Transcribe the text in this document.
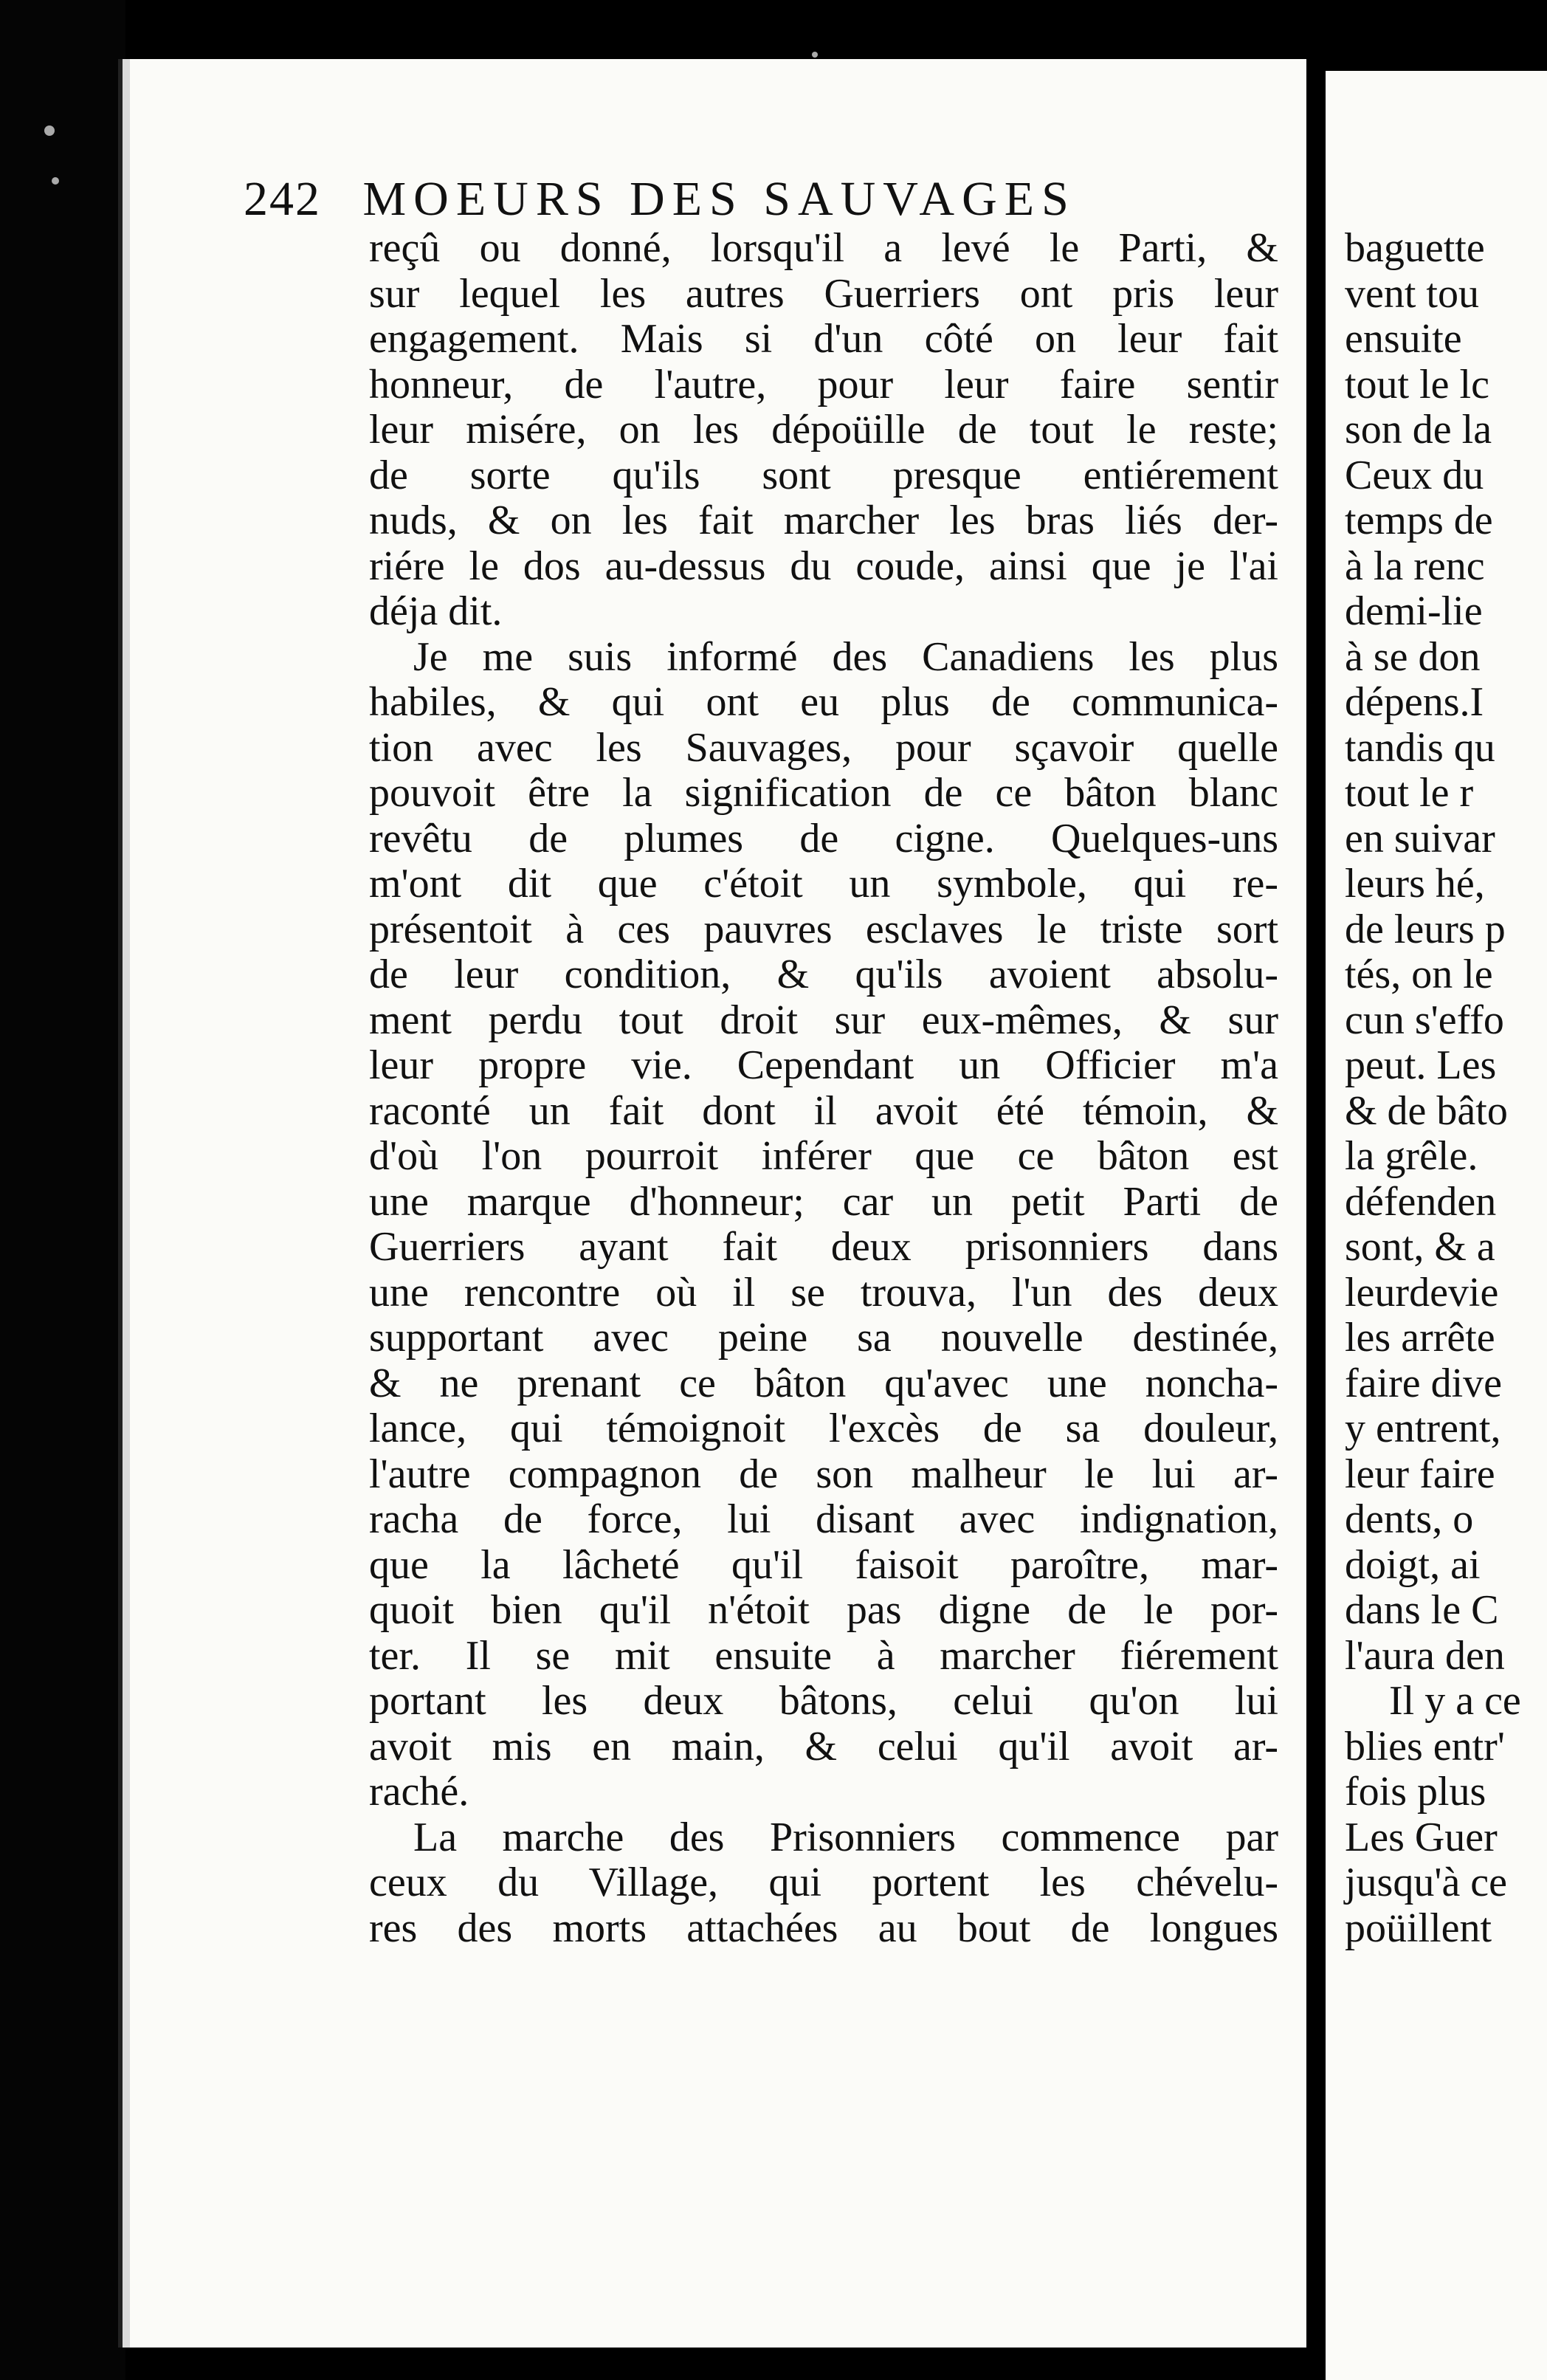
242 MOEURS DES SAUVAGES
reçû ou donné, lorsqu'il a levé le Parti, &
sur lequel les autres Guerriers ont pris leur
engagement. Mais si d'un côté on leur fait
honneur, de l'autre, pour leur faire sentir
leur misére, on les dépoüille de tout le reste;
de sorte qu'ils sont presque entiérement
nuds, & on les fait marcher les bras liés der-
riére le dos au-dessus du coude, ainsi que je l'ai
déja dit.
Je me suis informé des Canadiens les plus
habiles, & qui ont eu plus de communica-
tion avec les Sauvages, pour sçavoir quelle
pouvoit être la signification de ce bâton blanc
revêtu de plumes de cigne. Quelques-uns
m'ont dit que c'étoit un symbole, qui re-
présentoit à ces pauvres esclaves le triste sort
de leur condition, & qu'ils avoient absolu-
ment perdu tout droit sur eux-mêmes, & sur
leur propre vie. Cependant un Officier m'a
raconté un fait dont il avoit été témoin, &
d'où l'on pourroit inférer que ce bâton est
une marque d'honneur; car un petit Parti de
Guerriers ayant fait deux prisonniers dans
une rencontre où il se trouva, l'un des deux
supportant avec peine sa nouvelle destinée,
& ne prenant ce bâton qu'avec une noncha-
lance, qui témoignoit l'excès de sa douleur,
l'autre compagnon de son malheur le lui ar-
racha de force, lui disant avec indignation,
que la lâcheté qu'il faisoit paroître, mar-
quoit bien qu'il n'étoit pas digne de le por-
ter. Il se mit ensuite à marcher fiérement
portant les deux bâtons, celui qu'on lui
avoit mis en main, & celui qu'il avoit ar-
raché.
La marche des Prisonniers commence par
ceux du Village, qui portent les chévelu-
res des morts attachées au bout de longues
baguette
vent tou
ensuite
tout le lc
son de la
Ceux du
temps de
à la renc
demi-lie
à se don
dépens.I
tandis qu
tout le r
en suivar
leurs hé,
de leurs p
tés, on le
cun s'effo
peut. Les
& de bâto
la grêle.
défenden
sont, & a
leurdevie
les arrête
faire dive
y entrent,
leur faire
dents, o
doigt, ai
dans le C
l'aura den
Il y a ce
blies entr'
fois plus
Les Guer
jusqu'à ce
poüillent
